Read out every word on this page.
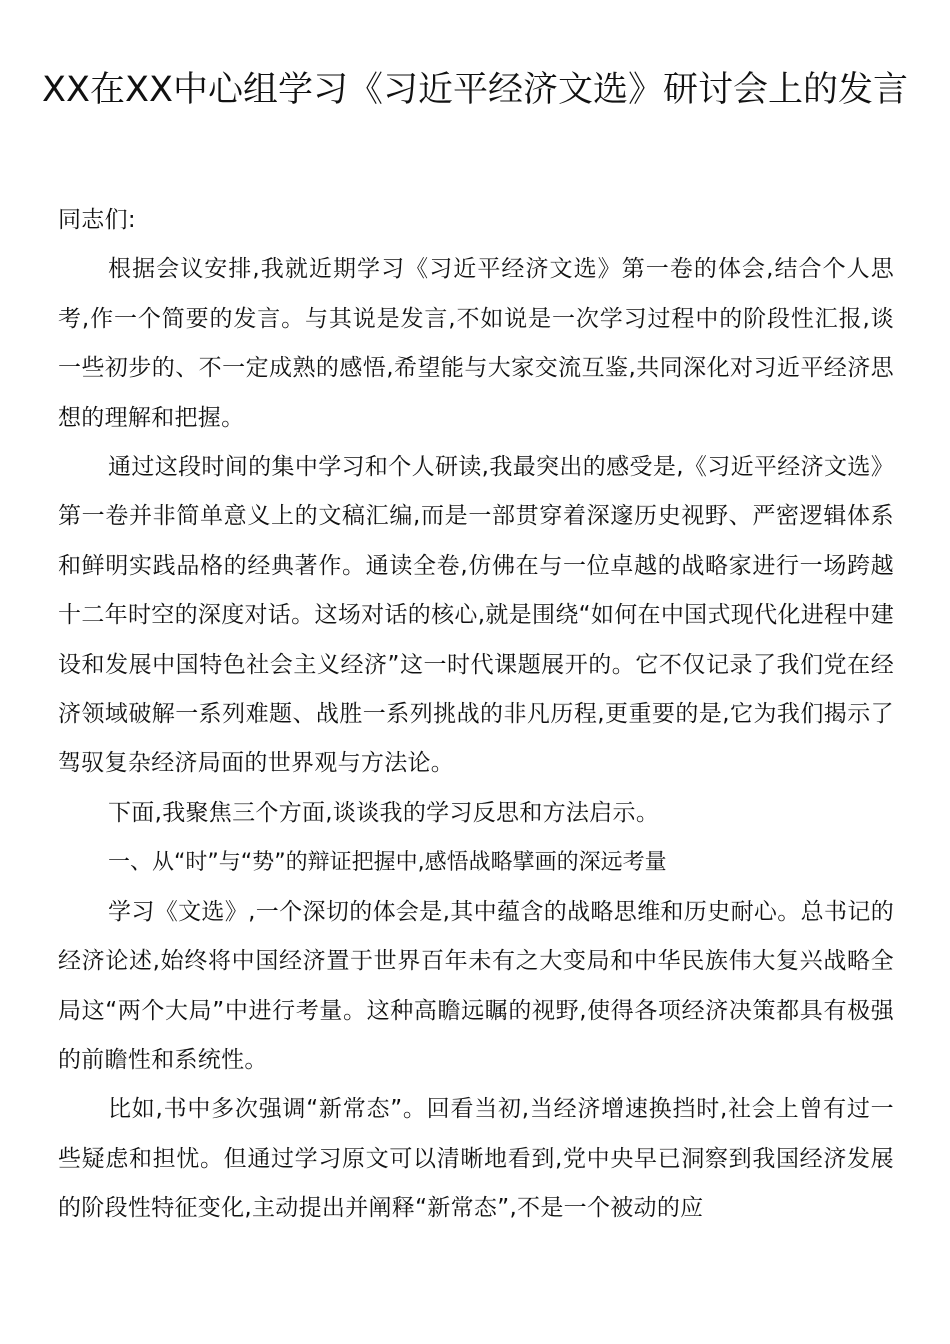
XX在XX中心组学习《习近平经济文选》研讨会上的发言

同志们:

根据会议安排,我就近期学习《习近平经济文选》第一卷的体会,结合个人思考,作一个简要的发言。与其说是发言,不如说是一次学习过程中的阶段性汇报,谈一些初步的、不一定成熟的感悟,希望能与大家交流互鉴,共同深化对习近平经济思想的理解和把握。

通过这段时间的集中学习和个人研读,我最突出的感受是,《习近平经济文选》第一卷并非简单意义上的文稿汇编,而是一部贯穿着深邃历史视野、严密逻辑体系和鲜明实践品格的经典著作。通读全卷,仿佛在与一位卓越的战略家进行一场跨越十二年时空的深度对话。这场对话的核心,就是围绕“如何在中国式现代化进程中建设和发展中国特色社会主义经济”这一时代课题展开的。它不仅记录了我们党在经济领域破解一系列难题、战胜一系列挑战的非凡历程,更重要的是,它为我们揭示了驾驭复杂经济局面的世界观与方法论。

下面,我聚焦三个方面,谈谈我的学习反思和方法启示。

一、从“时”与“势”的辩证把握中,感悟战略擘画的深远考量

学习《文选》,一个深切的体会是,其中蕴含的战略思维和历史耐心。总书记的经济论述,始终将中国经济置于世界百年未有之大变局和中华民族伟大复兴战略全局这“两个大局”中进行考量。这种高瞻远瞩的视野,使得各项经济决策都具有极强的前瞻性和系统性。

比如,书中多次强调“新常态”。回看当初,当经济增速换挡时,社会上曾有过一些疑虑和担忧。但通过学习原文可以清晰地看到,党中央早已洞察到我国经济发展的阶段性特征变化,主动提出并阐释“新常态”,不是一个被动的应
